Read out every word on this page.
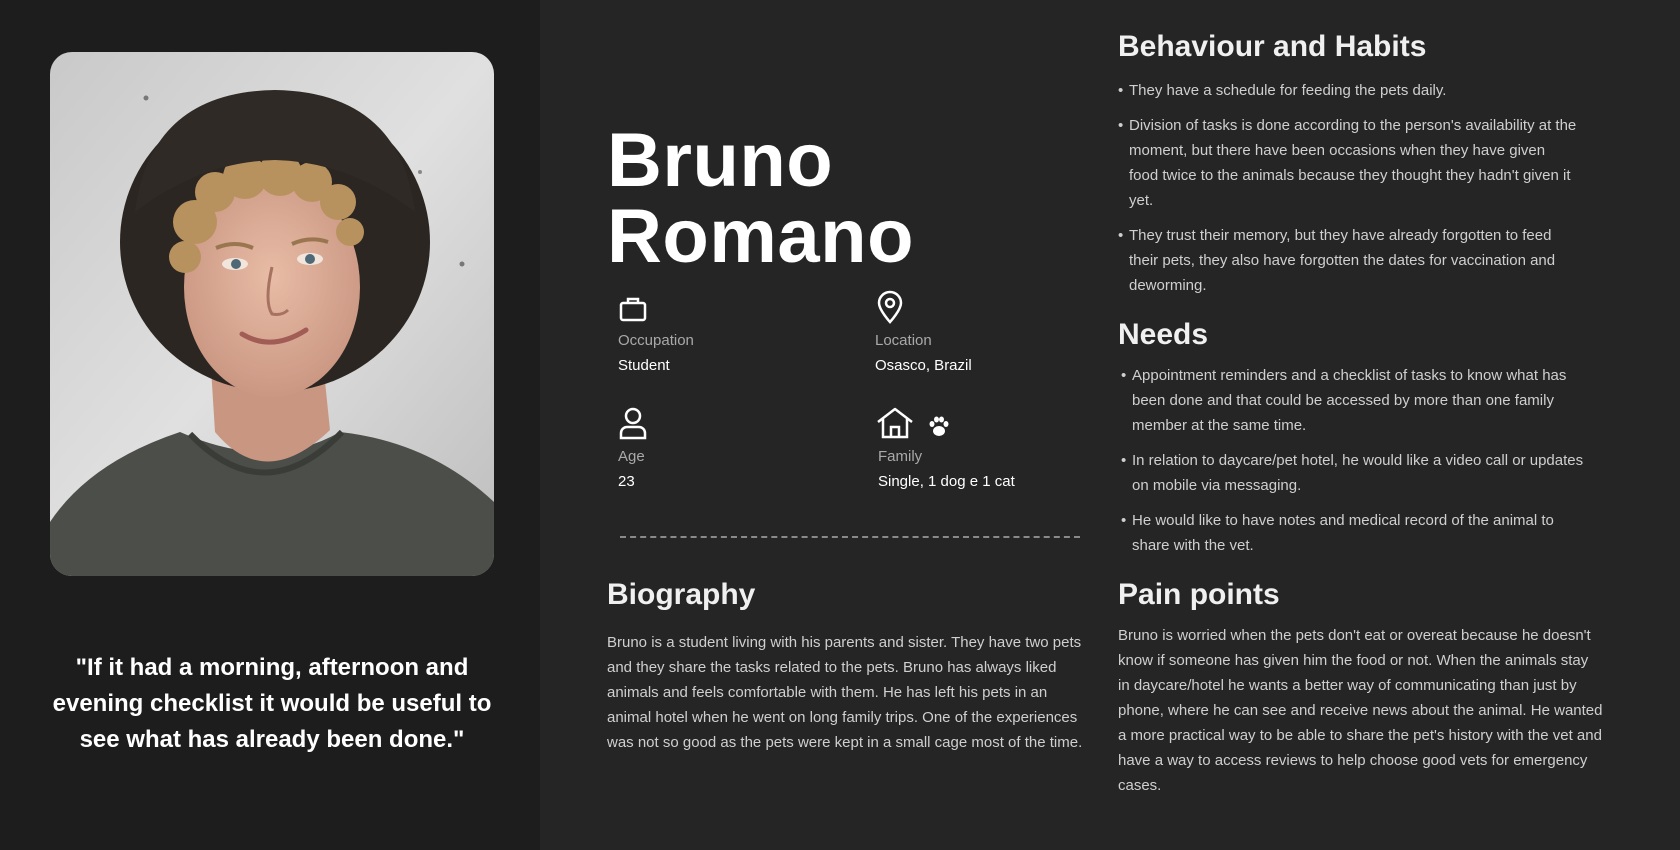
"If it had a morning, afternoon and evening checklist it would be useful to see what has already been done."
Bruno
Romano
Occupation
Student
Location
Osasco, Brazil
Age
23
Family
Single, 1 dog e 1 cat
Biography

Bruno is a student living with his parents and sister. They have two pets and they share the tasks related to the pets. Bruno has always liked animals and feels comfortable with them. He has left his pets in an animal hotel when he went on long family trips. One of the experiences was not so good as the pets were kept in a small cage most of the time.

Behaviour and Habits
• They have a schedule for feeding the pets daily.
• Division of tasks is done according to the person's availability at the moment, but there have been occasions when they have given food twice to the animals because they thought they hadn't given it yet.
• They trust their memory, but they have already forgotten to feed their pets, they also have forgotten the dates for vaccination and deworming.
Needs
• Appointment reminders and a checklist of tasks to know what has been done and that could be accessed by more than one family member at the same time.
• In relation to daycare/pet hotel, he would like a video call or updates on mobile via messaging.
• He would like to have notes and medical record of the animal to share with the vet.
Pain points

Bruno is worried when the pets don't eat or overeat because he doesn't know if someone has given him the food or not. When the animals stay in daycare/hotel he wants a better way of communicating than just by phone, where he can see and receive news about the animal. He wanted a more practical way to be able to share the pet's history with the vet and have a way to access reviews to help choose good vets for emergency cases.
